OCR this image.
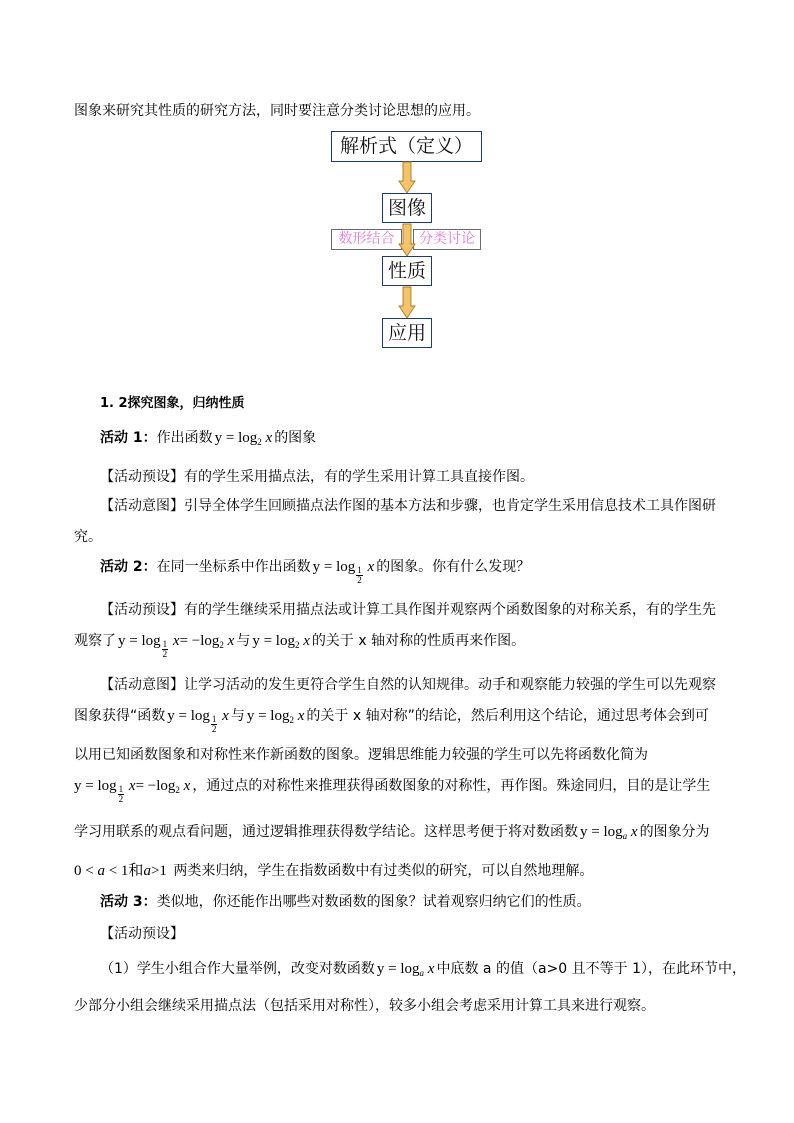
图象来研究其性质的研究方法，同时要注意分类讨论思想的应用。
解析式（定义）
图像
数形结合	分类讨论
性质
应用
1. 2探究图象，归纳性质
活动 1：作出函数 $y = \log_2 x$ 的图象
【活动预设】有的学生采用描点法，有的学生采用计算工具直接作图。
【活动意图】引导全体学生回顾描点法作图的基本方法和步骤，也肯定学生采用信息技术工具作图研
究。
活动 2：在同一坐标系中作出函数 $y = \log \frac{1}{2}$ x 的图象。你有什么发现？
【活动预设】有的学生继续采用描点法或计算工具作图并观察两个函数图象的对称关系，有的学生先
观察了 $y = \log \frac{1}{2} x= -\log_2$ x 与 $y = \log_2 x$ 的关于 x 轴对称的性质再来作图。
【活动意图】让学习活动的发生更符合学生自然的认知规律。动手和观察能力较强的学生可以先观察
图象获得“函数 $y = \log \frac{1}{2}$ x 与 $y = \log_2 x$ 的关于 x 轴对称”的结论，然后利用这个结论，通过思考体会到可
以用已知函数图象和对称性来作新函数的图象。逻辑思维能力较强的学生可以先将函数化简为
$y = \log \frac{1}{2} x= -\log_2$ x ，通过点的对称性来推理获得函数图象的对称性，再作图。殊途同归，目的是让学生
学习用联系的观点看问题，通过逻辑推理获得数学结论。这样思考便于将对数函数 $y = \log_a x$ 的图象分为
0 < a < 1和a>1 两类来归纳，学生在指数函数中有过类似的研究，可以自然地理解。
活动 3：类似地，你还能作出哪些对数函数的图象？试着观察归纳它们的性质。
【活动预设】
（1）学生小组合作大量举例，改变对数函数 $y = \log_a x$ 中底数 a 的值（a>0 且不等于 1），在此环节中，
少部分小组会继续采用描点法（包括采用对称性），较多小组会考虑采用计算工具来进行观察。
